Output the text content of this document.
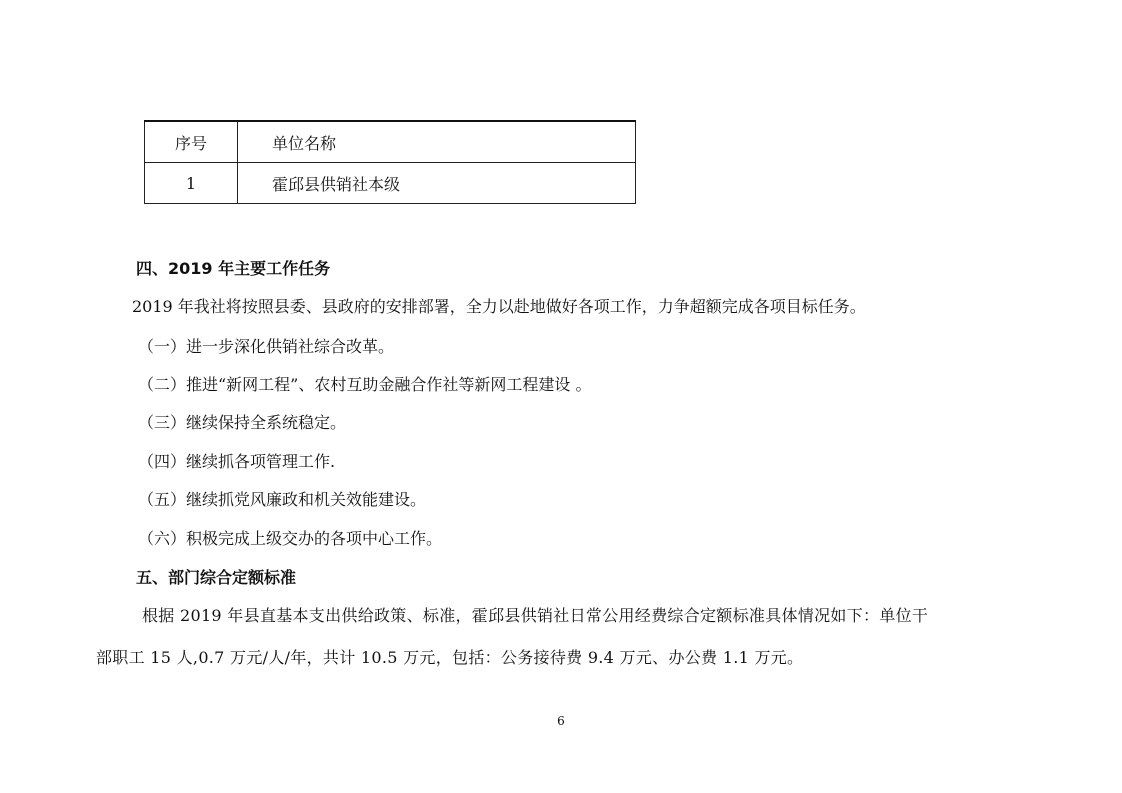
序号	单位名称
1	霍邱县供销社本级
四、2019 年主要工作任务
2019 年我社将按照县委、县政府的安排部署，全力以赴地做好各项工作，力争超额完成各项目标任务。
（一）进一步深化供销社综合改革。
（二）推进“新网工程”、农村互助金融合作社等新网工程建设 。
（三）继续保持全系统稳定。
（四）继续抓各项管理工作.
（五）继续抓党风廉政和机关效能建设。
（六）积极完成上级交办的各项中心工作。
五、部门综合定额标准
根据 2019 年县直基本支出供给政策、标准，霍邱县供销社日常公用经费综合定额标准具体情况如下：单位干
部职工 15 人,0.7 万元/人/年，共计 10.5 万元，包括：公务接待费 9.4 万元、办公费 1.1 万元。
6
